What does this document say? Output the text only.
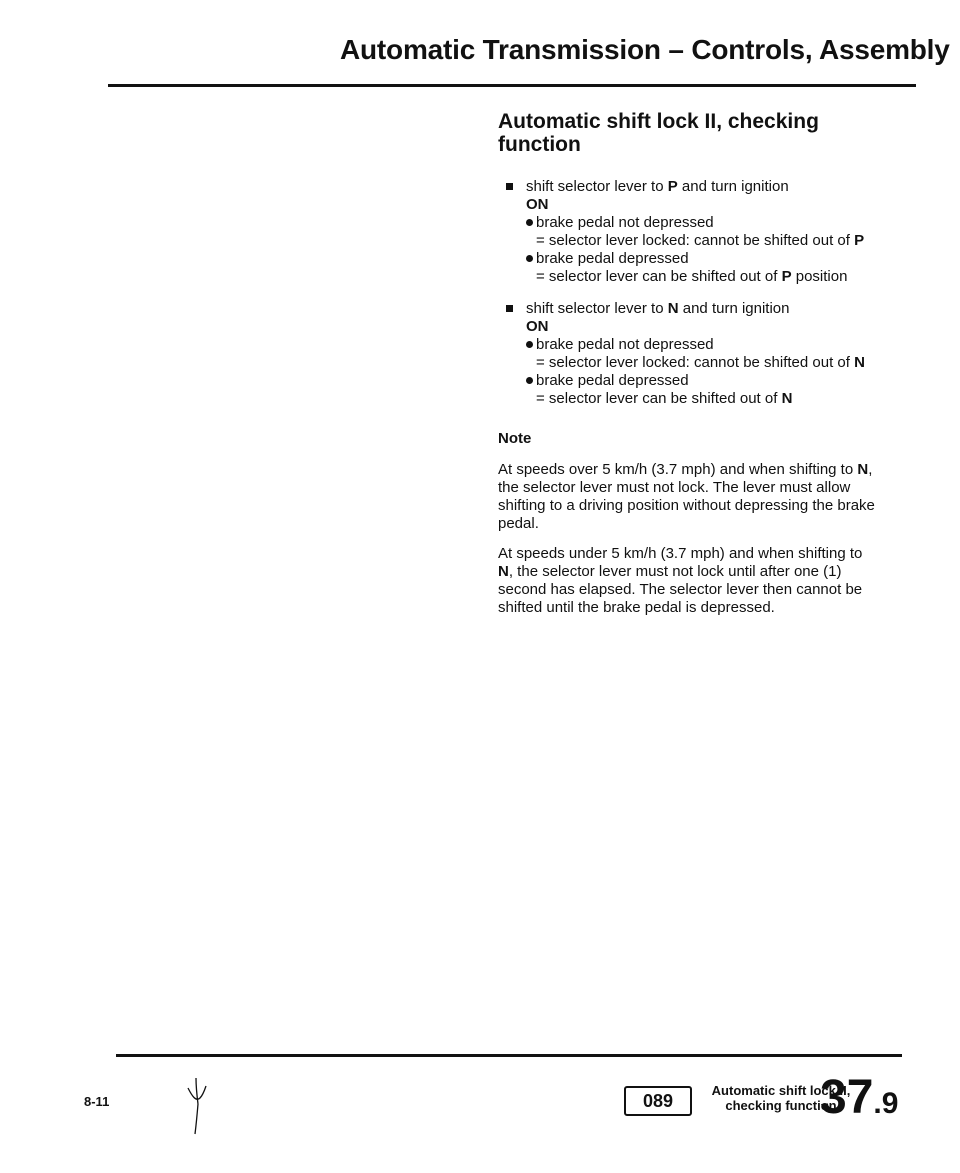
Automatic Transmission – Controls, Assembly
Automatic shift lock II, checking
function
shift selector lever to P and turn ignition
ON
brake pedal not depressed
= selector lever locked: cannot be shifted out of P
brake pedal depressed
= selector lever can be shifted out of P position
shift selector lever to N and turn ignition
ON
brake pedal not depressed
= selector lever locked: cannot be shifted out of N
brake pedal depressed
= selector lever can be shifted out of N
Note

At speeds over 5 km/h (3.7 mph) and when shifting to N, the selector lever must not lock. The lever must allow shifting to a driving position without depressing the brake pedal.

At speeds under 5 km/h (3.7 mph) and when shifting to N, the selector lever must not lock until after one (1) second has elapsed. The selector lever then cannot be shifted until the brake pedal is depressed.

8-11	089
Automatic shift lock II,
checking function
37.9
